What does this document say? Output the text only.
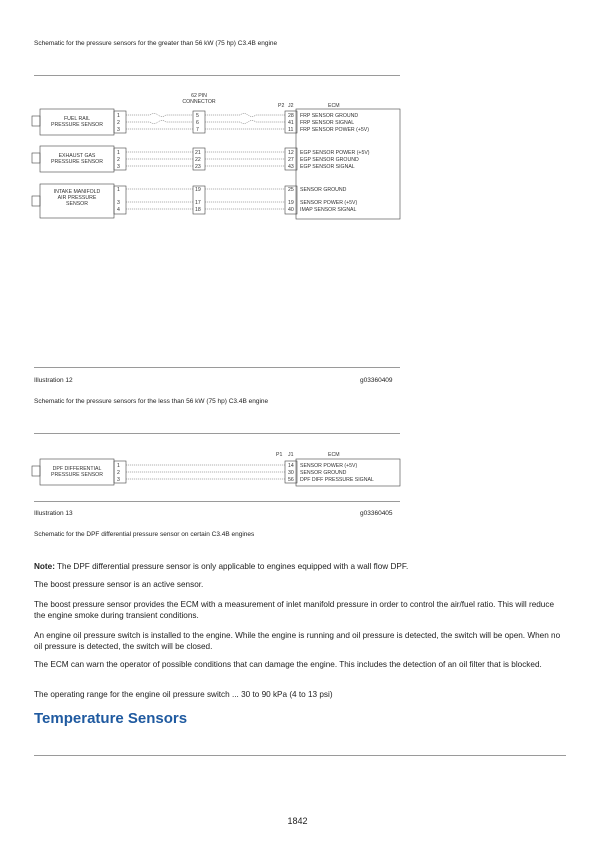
Schematic for the pressure sensors for the greater than 56 kW (75 hp) C3.4B engine
62 PIN
CONNECTOR
P2 J2	ECM
FUEL RAIL
PRESSURE SENSOR
EXHAUST GAS
PRESSURE SENSOR
INTAKE MANIFOLD
AIR PRESSURE
SENSOR
1
2
3
1
2
3
1
3
4
5
6
7
21
22
23
19
17
18
28
41
11
12
27
43
25
19
40
FRP SENSOR GROUND
FRP SENSOR SIGNAL
FRP SENSOR POWER (+5V)
EGP SENSOR POWER (+5V)
EGP SENSOR GROUND
EGP SENSOR SIGNAL
SENSOR GROUND
SENSOR POWER (+5V)
IMAP SENSOR SIGNAL
Illustration 12	g03360409
Schematic for the pressure sensors for the less than 56 kW (75 hp) C3.4B engine
P1 J1	ECM
DPF DIFFERENTIAL
PRESSURE SENSOR
1
2
3
14
30
56
SENSOR POWER (+5V)
SENSOR GROUND
DPF DIFF PRESSURE SIGNAL
Illustration 13	g03360405
Schematic for the DPF differential pressure sensor on certain C3.4B engines
Note: The DPF differential pressure sensor is only applicable to engines equipped with a wall flow DPF.
The boost pressure sensor is an active sensor.
The boost pressure sensor provides the ECM with a measurement of inlet manifold pressure in order to control the air/fuel ratio. This will reduce the engine smoke during transient conditions.
An engine oil pressure switch is installed to the engine. While the engine is running and oil pressure is detected, the switch will be open. When no oil pressure is detected, the switch will be closed.
The ECM can warn the operator of possible conditions that can damage the engine. This includes the detection of an oil filter that is blocked.
The operating range for the engine oil pressure switch ... 30 to 90 kPa (4 to 13 psi)
Temperature Sensors
1842
